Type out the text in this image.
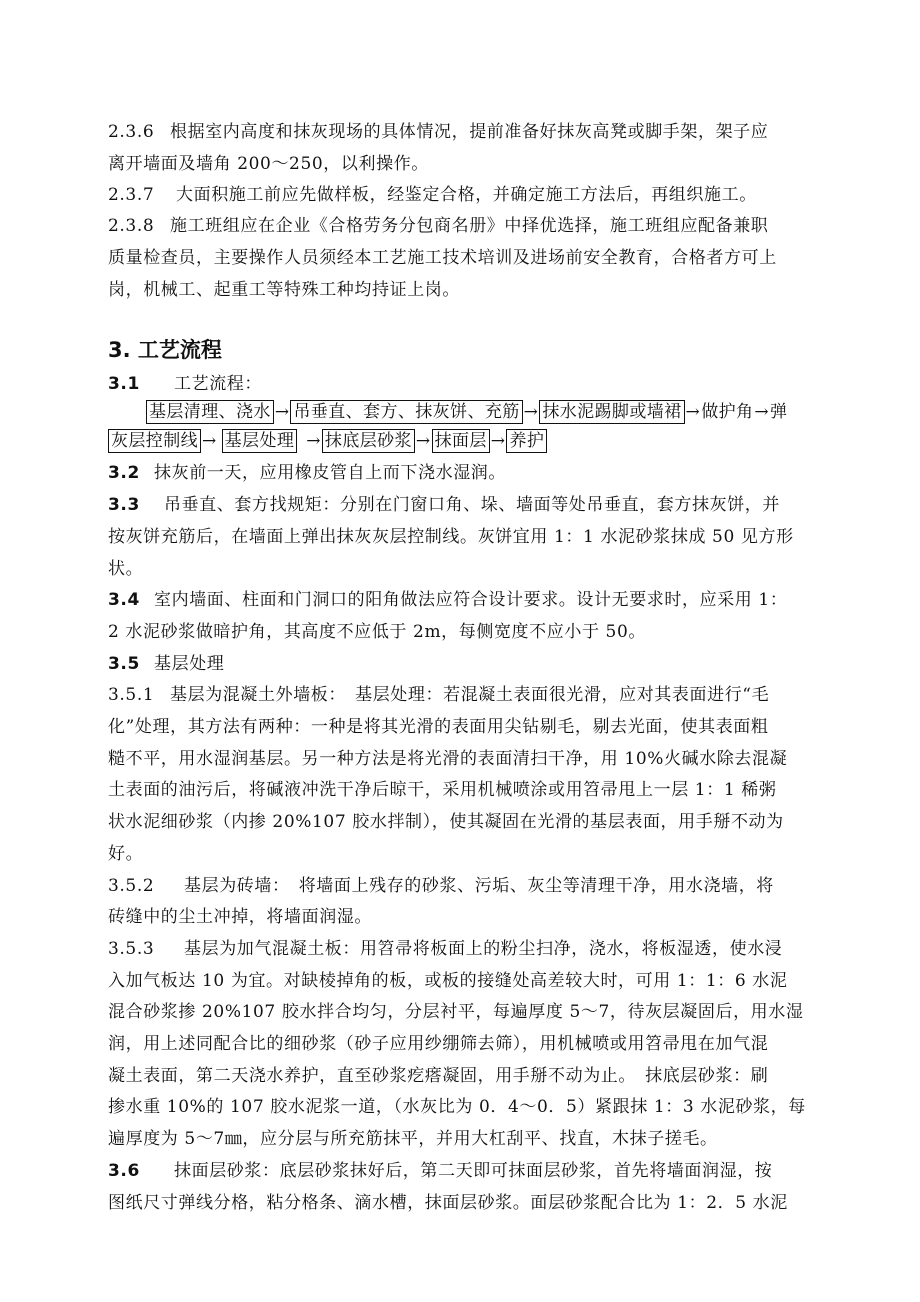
2.3.6 根据室内高度和抹灰现场的具体情况，提前准备好抹灰高凳或脚手架，架子应
离开墙面及墙角 200～250，以利操作。
2.3.7 大面积施工前应先做样板，经鉴定合格，并确定施工方法后，再组织施工。
2.3.8 施工班组应在企业《合格劳务分包商名册》中择优选择，施工班组应配备兼职
质量检查员，主要操作人员须经本工艺施工技术培训及进场前安全教育，合格者方可上
岗，机械工、起重工等特殊工种均持证上岗。
3. 工艺流程
3.1 工艺流程：
基层清理、浇水 → 吊垂直、套方、抹灰饼、充筋 → 抹水泥踢脚或墙裙 →做护角→弹
灰层控制线 → 基层处理 → 抹底层砂浆 → 抹面层 → 养护
3.2 抹灰前一天，应用橡皮管自上而下浇水湿润。
3.3 吊垂直、套方找规矩：分别在门窗口角、垛、墙面等处吊垂直，套方抹灰饼，并
按灰饼充筋后，在墙面上弹出抹灰灰层控制线。灰饼宜用 1：1 水泥砂浆抹成 50 见方形
状。
3.4 室内墙面、柱面和门洞口的阳角做法应符合设计要求。设计无要求时，应采用 1：
2 水泥砂浆做暗护角，其高度不应低于 2m，每侧宽度不应小于 50。
3.5 基层处理
3.5.1 基层为混凝土外墙板：　基层处理：若混凝土表面很光滑，应对其表面进行“毛
化”处理，其方法有两种：一种是将其光滑的表面用尖钻剔毛，剔去光面，使其表面粗
糙不平，用水湿润基层。另一种方法是将光滑的表面清扫干净，用 10%火碱水除去混凝
土表面的油污后，将碱液冲洗干净后晾干，采用机械喷涂或用笤帚甩上一层 1：1 稀粥
状水泥细砂浆（内掺 20%107 胶水拌制），使其凝固在光滑的基层表面，用手掰不动为
好。
3.5.2 基层为砖墙：　将墙面上残存的砂浆、污垢、灰尘等清理干净，用水浇墙，将
砖缝中的尘土冲掉，将墙面润湿。
3.5.3 基层为加气混凝土板：用笤帚将板面上的粉尘扫净，浇水，将板湿透，使水浸
入加气板达 10 为宜。对缺棱掉角的板，或板的接缝处高差较大时，可用 1：1：6 水泥
混合砂浆掺 20%107 胶水拌合均匀，分层衬平，每遍厚度 5～7，待灰层凝固后，用水湿
润，用上述同配合比的细砂浆（砂子应用纱绷筛去筛），用机械喷或用笤帚甩在加气混
凝土表面，第二天浇水养护，直至砂浆疙瘩凝固，用手掰不动为止。　抹底层砂浆：刷
掺水重 10%的 107 胶水泥浆一道，（水灰比为 0．4～0．5）紧跟抹 1：3 水泥砂浆，每
遍厚度为 5～7㎜，应分层与所充筋抹平，并用大杠刮平、找直，木抹子搓毛。
3.6 抹面层砂浆：底层砂浆抹好后，第二天即可抹面层砂浆，首先将墙面润湿，按
图纸尺寸弹线分格，粘分格条、滴水槽，抹面层砂浆。面层砂浆配合比为 1：2．5 水泥
